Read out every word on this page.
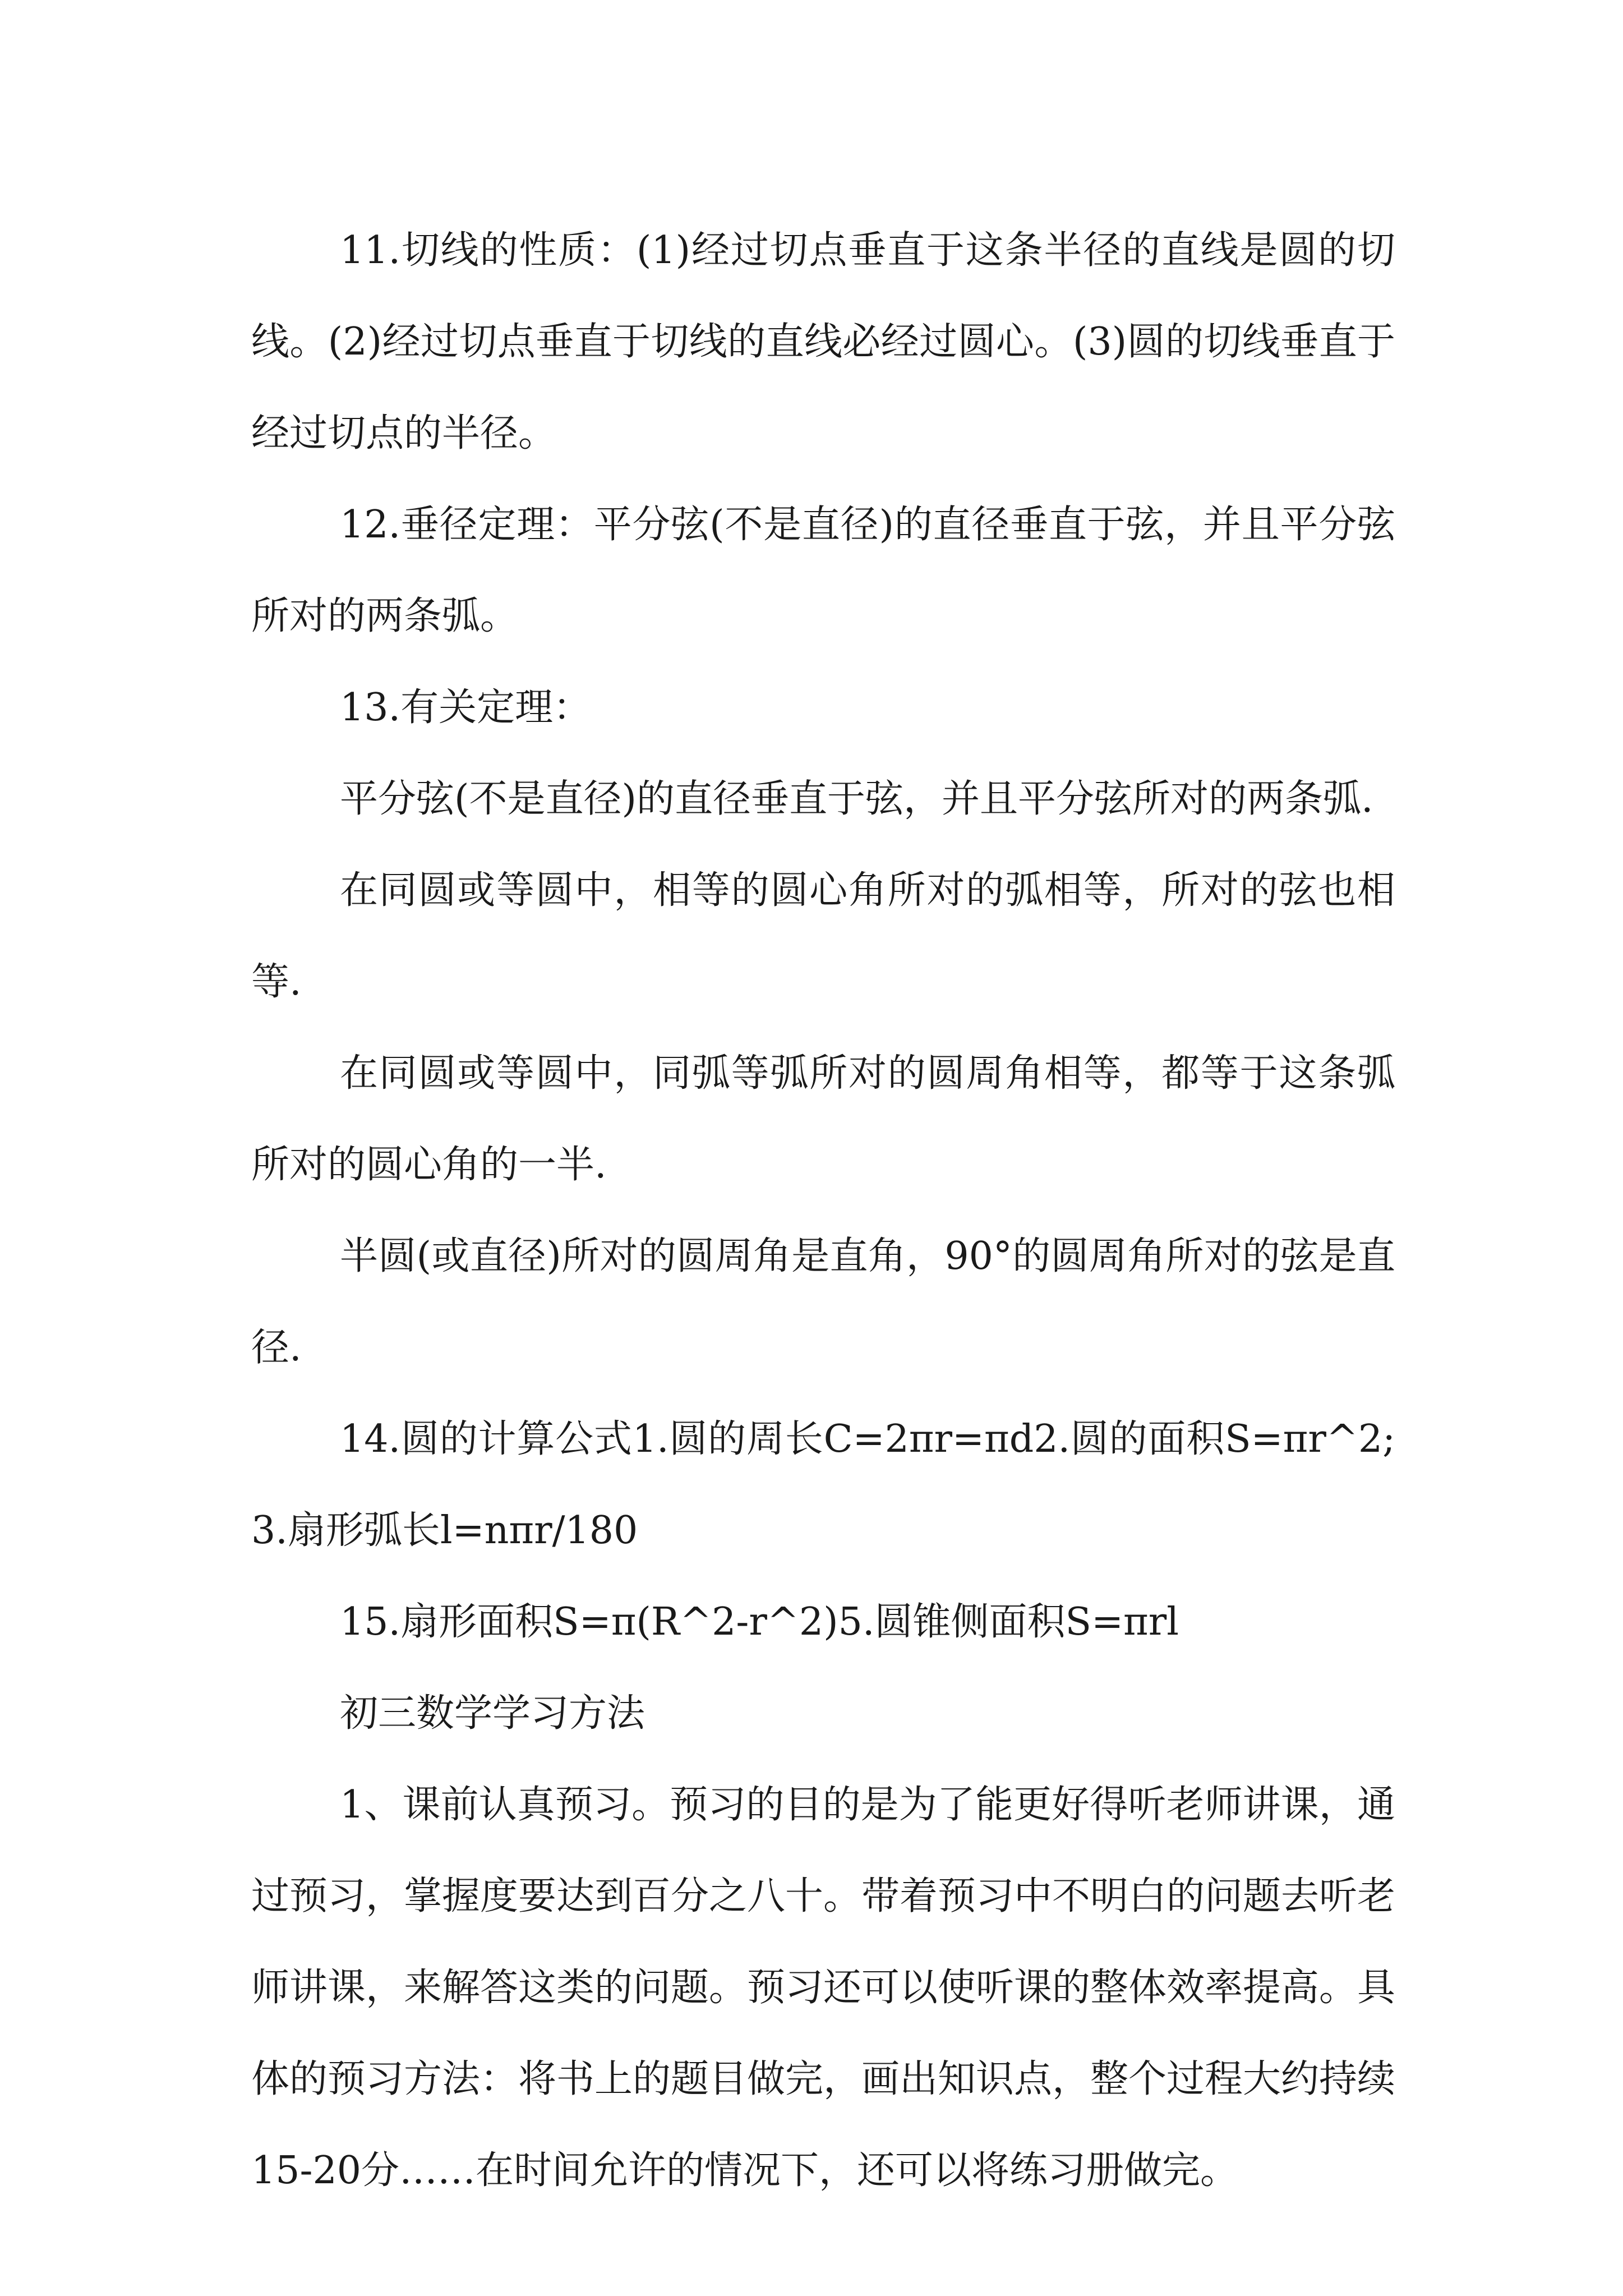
11.切线的性质：(1)经过切点垂直于这条半径的直线是圆的切线。(2)经过切点垂直于切线的直线必经过圆心。(3)圆的切线垂直于经过切点的半径。

12.垂径定理：平分弦(不是直径)的直径垂直于弦，并且平分弦所对的两条弧。

13.有关定理：

平分弦(不是直径)的直径垂直于弦，并且平分弦所对的两条弧.

在同圆或等圆中，相等的圆心角所对的弧相等，所对的弦也相等.

在同圆或等圆中，同弧等弧所对的圆周角相等，都等于这条弧所对的圆心角的一半.

半圆(或直径)所对的圆周角是直角，90°的圆周角所对的弦是直径.

14.圆的计算公式1.圆的周长C=2πr=πd2.圆的面积S=πr^2;3.扇形弧长l=nπr/180

15.扇形面积S=π(R^2-r^2)5.圆锥侧面积S=πrl

初三数学学习方法

1、课前认真预习。预习的目的是为了能更好得听老师讲课，通过预习，掌握度要达到百分之八十。带着预习中不明白的问题去听老师讲课，来解答这类的问题。预习还可以使听课的整体效率提高。具体的预习方法：将书上的题目做完，画出知识点，整个过程大约持续15-20分……在时间允许的情况下，还可以将练习册做完。
